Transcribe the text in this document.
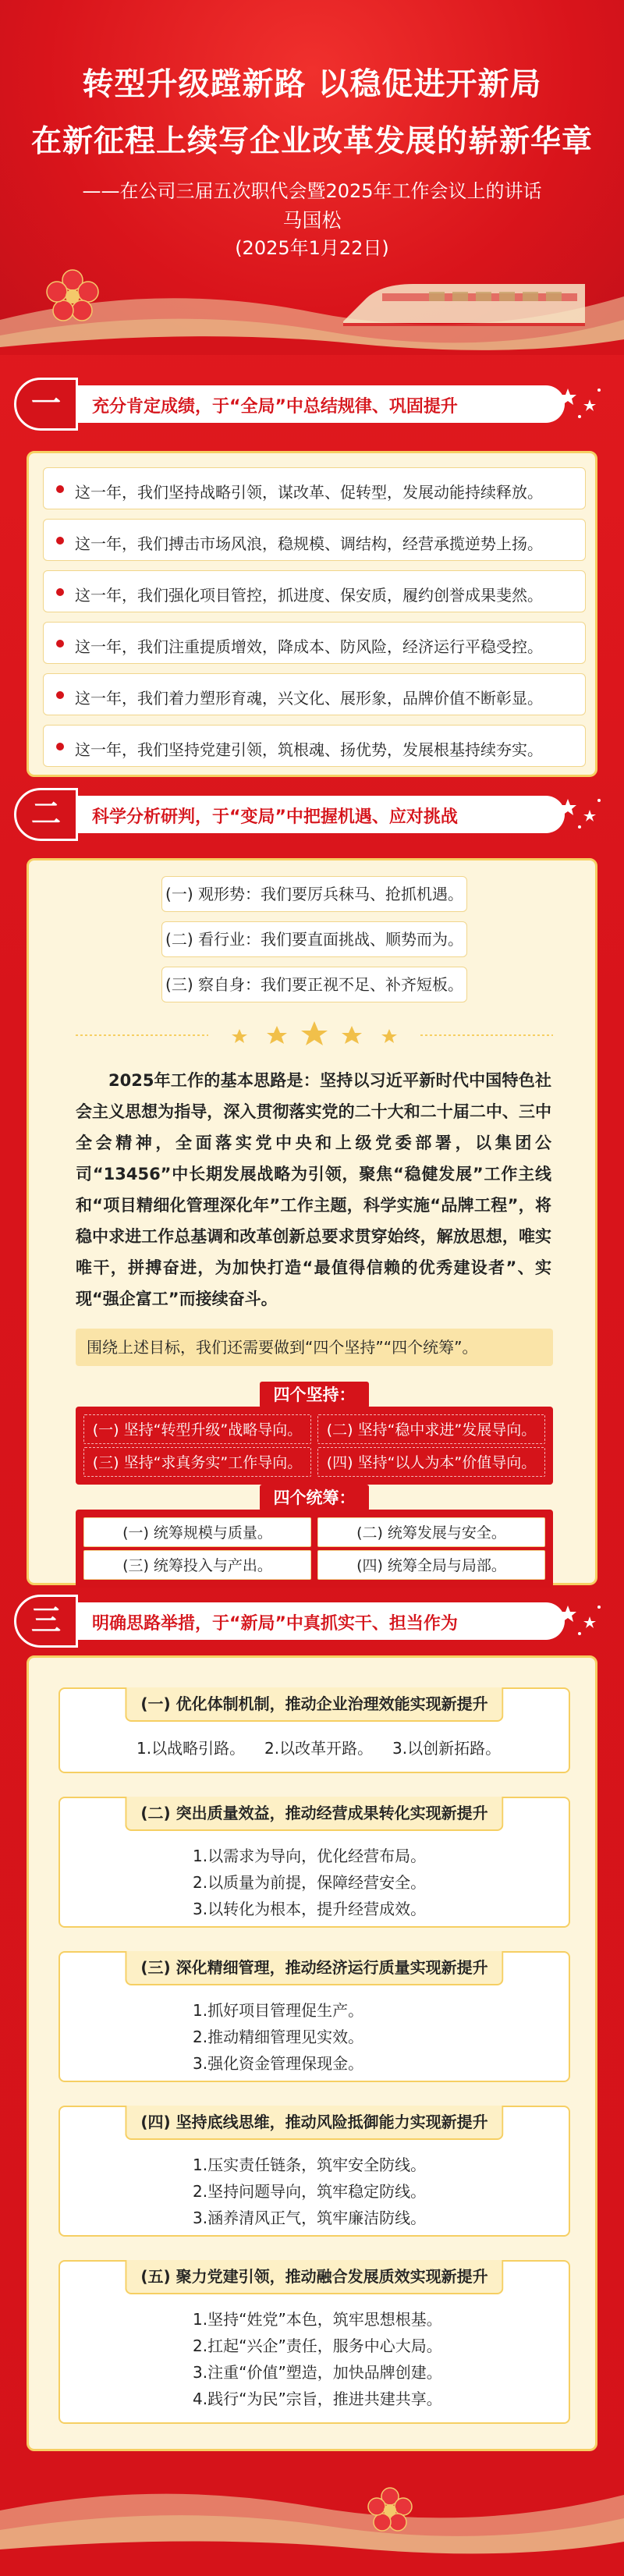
转型升级蹚新路 以稳促进开新局
在新征程上续写企业改革发展的崭新华章
——在公司三届五次职代会暨2025年工作会议上的讲话
马国松
(2025年1月22日)
一	充分肯定成绩，于“全局”中总结规律、巩固提升
这一年，我们坚持战略引领，谋改革、促转型，发展动能持续释放。
这一年，我们搏击市场风浪，稳规模、调结构，经营承揽逆势上扬。
这一年，我们强化项目管控，抓进度、保安质，履约创誉成果斐然。
这一年，我们注重提质增效，降成本、防风险，经济运行平稳受控。
这一年，我们着力塑形育魂，兴文化、展形象，品牌价值不断彰显。
这一年，我们坚持党建引领，筑根魂、扬优势，发展根基持续夯实。
二	科学分析研判，于“变局”中把握机遇、应对挑战
(一) 观形势：我们要厉兵秣马、抢抓机遇。
(二) 看行业：我们要直面挑战、顺势而为。
(三) 察自身：我们要正视不足、补齐短板。
2025年工作的基本思路是：坚持以习近平新时代中国特色社会主义思想为指导，深入贯彻落实党的二十大和二十届二中、三中全会精神，全面落实党中央和上级党委部署，以集团公司“13456”中长期发展战略为引领，聚焦“稳健发展”工作主线和“项目精细化管理深化年”工作主题，科学实施“品牌工程”，将稳中求进工作总基调和改革创新总要求贯穿始终，解放思想，唯实唯干，拼搏奋进，为加快打造“最值得信赖的优秀建设者”、实现“强企富工”而接续奋斗。
围绕上述目标，我们还需要做到“四个坚持”“四个统筹”。
四个坚持：
(一) 坚持“转型升级”战略导向。	(二) 坚持“稳中求进”发展导向。
(三) 坚持“求真务实”工作导向。	(四) 坚持“以人为本”价值导向。
四个统筹：
(一) 统筹规模与质量。	(二) 统筹发展与安全。
(三) 统筹投入与产出。	(四) 统筹全局与局部。
三	明确思路举措，于“新局”中真抓实干、担当作为
(一) 优化体制机制，推动企业治理效能实现新提升
1.以战略引路。 2.以改革开路。 3.以创新拓路。
(二) 突出质量效益，推动经营成果转化实现新提升
1.以需求为导向，优化经营布局。
2.以质量为前提，保障经营安全。
3.以转化为根本，提升经营成效。
(三) 深化精细管理，推动经济运行质量实现新提升
1.抓好项目管理促生产。
2.推动精细管理见实效。
3.强化资金管理保现金。
(四) 坚持底线思维，推动风险抵御能力实现新提升
1.压实责任链条，筑牢安全防线。
2.坚持问题导向，筑牢稳定防线。
3.涵养清风正气，筑牢廉洁防线。
(五) 聚力党建引领，推动融合发展质效实现新提升
1.坚持“姓党”本色，筑牢思想根基。
2.扛起“兴企”责任，服务中心大局。
3.注重“价值”塑造，加快品牌创建。
4.践行“为民”宗旨，推进共建共享。
